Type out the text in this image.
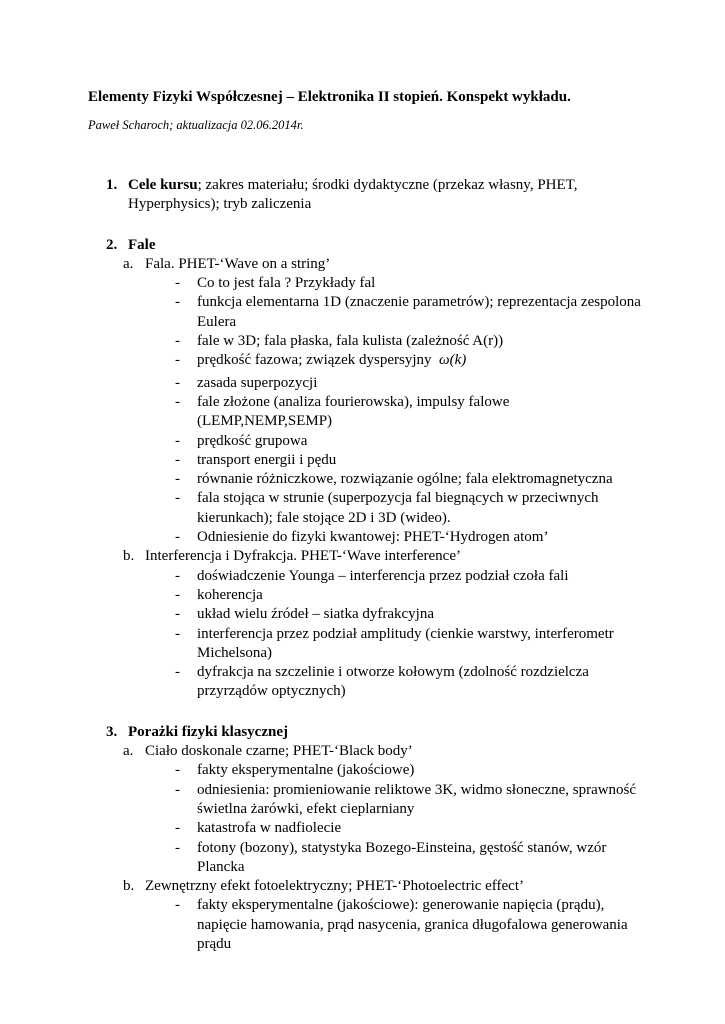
Elementy Fizyki Współczesnej – Elektronika II stopień. Konspekt wykładu.
Paweł Scharoch; aktualizacja 02.06.2014r.
1. Cele kursu; zakres materiału; środki dydaktyczne (przekaz własny, PHET, Hyperphysics); tryb zaliczenia
2. Fale
a. Fala. PHET-‘Wave on a string’
- Co to jest fala ? Przykłady fal
- funkcja elementarna 1D (znaczenie parametrów); reprezentacja zespolona Eulera
- fale w 3D; fala płaska, fala kulista (zależność A(r))
- prędkość fazowa; związek dyspersyjny ω(k)
- zasada superpozycji
- fale złożone (analiza fourierowska), impulsy falowe (LEMP,NEMP,SEMP)
- prędkość grupowa
- transport energii i pędu
- równanie różniczkowe, rozwiązanie ogólne; fala elektromagnetyczna
- fala stojąca w strunie (superpozycja fal biegnących w przeciwnych kierunkach); fale stojące 2D i 3D (wideo).
- Odniesienie do fizyki kwantowej: PHET-‘Hydrogen atom’
b. Interferencja i Dyfrakcja. PHET-‘Wave interference’
- doświadczenie Younga – interferencja przez podział czoła fali
- koherencja
- układ wielu źródeł – siatka dyfrakcyjna
- interferencja przez podział amplitudy (cienkie warstwy, interferometr Michelsona)
- dyfrakcja na szczelinie i otworze kołowym (zdolność rozdzielcza przyrządów optycznych)
3. Porażki fizyki klasycznej
a. Ciało doskonale czarne; PHET-‘Black body’
- fakty eksperymentalne (jakościowe)
- odniesienia: promieniowanie reliktowe 3K, widmo słoneczne, sprawność świetlna żarówki, efekt cieplarniany
- katastrofa w nadfiolecie
- fotony (bozony), statystyka Bozego-Einsteina, gęstość stanów, wzór Plancka
b. Zewnętrzny efekt fotoelektryczny; PHET-‘Photoelectric effect’
- fakty eksperymentalne (jakościowe): generowanie napięcia (prądu), napięcie hamowania, prąd nasycenia, granica długofalowa generowania prądu
